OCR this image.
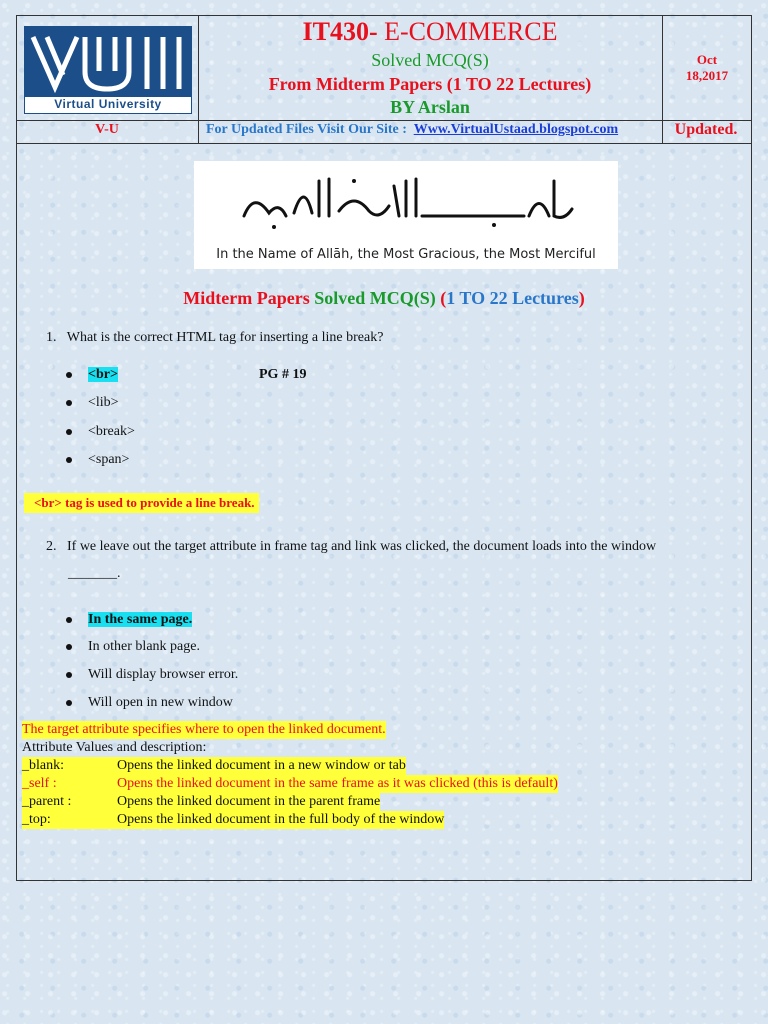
Virtual University
IT430- E-COMMERCE
Solved MCQ(S)
From Midterm Papers (1 TO 22 Lectures)
BY Arslan
Oct
18,2017
V-U	For Updated Files Visit Our Site : Www.VirtualUstaad.blogspot.com	Updated.
In the Name of Allāh, the Most Gracious, the Most Merciful
Midterm Papers Solved MCQ(S) (1 TO 22 Lectures)
1. What is the correct HTML tag for inserting a line break?
<br>	PG # 19
<lib>
<break>
<span>
<br> tag is used to provide a line break.
2. If we leave out the target attribute in frame tag and link was clicked, the document loads into the window
_______.
In the same page.
In other blank page.
Will display browser error.
Will open in new window
The target attribute specifies where to open the linked document.
Attribute Values and description:
_blank:	Opens the linked document in a new window or tab
_self :	Opens the linked document in the same frame as it was clicked (this is default)
_parent :	Opens the linked document in the parent frame
_top:	Opens the linked document in the full body of the window
